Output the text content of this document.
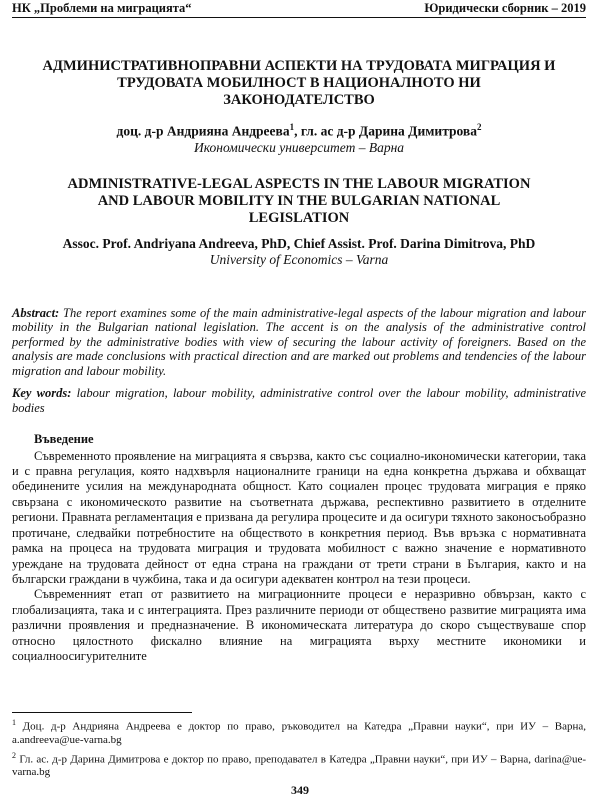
НК „Проблеми на миграцията“	Юридически сборник – 2019
АДМИНИСТРАТИВНОПРАВНИ АСПЕКТИ НА ТРУДОВАТА МИГРАЦИЯ И ТРУДОВАТА МОБИЛНОСТ В НАЦИОНАЛНОТО НИ ЗАКОНОДАТЕЛСТВО
доц. д-р Андрияна Андреева$^1$, гл. ас д-р Дарина Димитрова$^2$
Икономически университет – Варна
ADMINISTRATIVE-LEGAL ASPECTS IN THE LABOUR MIGRATION AND LABOUR MOBILITY IN THE BULGARIAN NATIONAL LEGISLATION
Assoc. Prof. Andriyana Andreeva, PhD, Chief Assist. Prof. Darina Dimitrova, PhD
University of Economics – Varna
Abstract: The report examines some of the main administrative-legal aspects of the labour migration and labour mobility in the Bulgarian national legislation. The accent is on the analysis of the administrative control performed by the administrative bodies with view of securing the labour activity of foreigners. Based on the analysis are made conclusions with practical direction and are marked out problems and tendencies of the labour migration and labour mobility.
Key words: labour migration, labour mobility, administrative control over the labour mobility, administrative bodies
Въведение

Съвременното проявление на миграцията я свързва, както със социално-икономически категории, така и с правна регулация, която надхвърля националните граници на една конкретна държава и обхващат обединените усилия на международната общност. Като социален процес трудовата миграция е пряко свързана с икономическото развитие на съответната държава, респективно развитието в отделните региони. Правната регламентация е призвана да регулира процесите и да осигури тяхното законосъобразно протичане, следвайки потребностите на обществото в конкретния период. Във връзка с нормативната рамка на процеса на трудовата миграция и трудовата мобилност с важно значение е нормативното уреждане на трудовата дейност от една страна на граждани от трети страни в България, както и на български граждани в чужбина, така и да осигури адекватен контрол на тези процеси.

Съвременният етап от развитието на миграционните процеси е неразривно обвързан, както с глобализацията, така и с интеграцията. През различните периоди от обществено развитие миграцията има различни проявления и предназначение. В икономическата литература до скоро съществуваше спор относно цялостното фискално влияние на миграцията върху местните икономики и социалноосигурителните

$^1$ Доц. д-р Андрияна Андреева е доктор по право, ръководител на Катедра „Правни науки“, при ИУ – Варна, a.andreeva@ue-varna.bg

$^2$ Гл. ас. д-р Дарина Димитрова е доктор по право, преподавател в Катедра „Правни науки“, при ИУ – Варна, darina@ue-varna.bg

349
